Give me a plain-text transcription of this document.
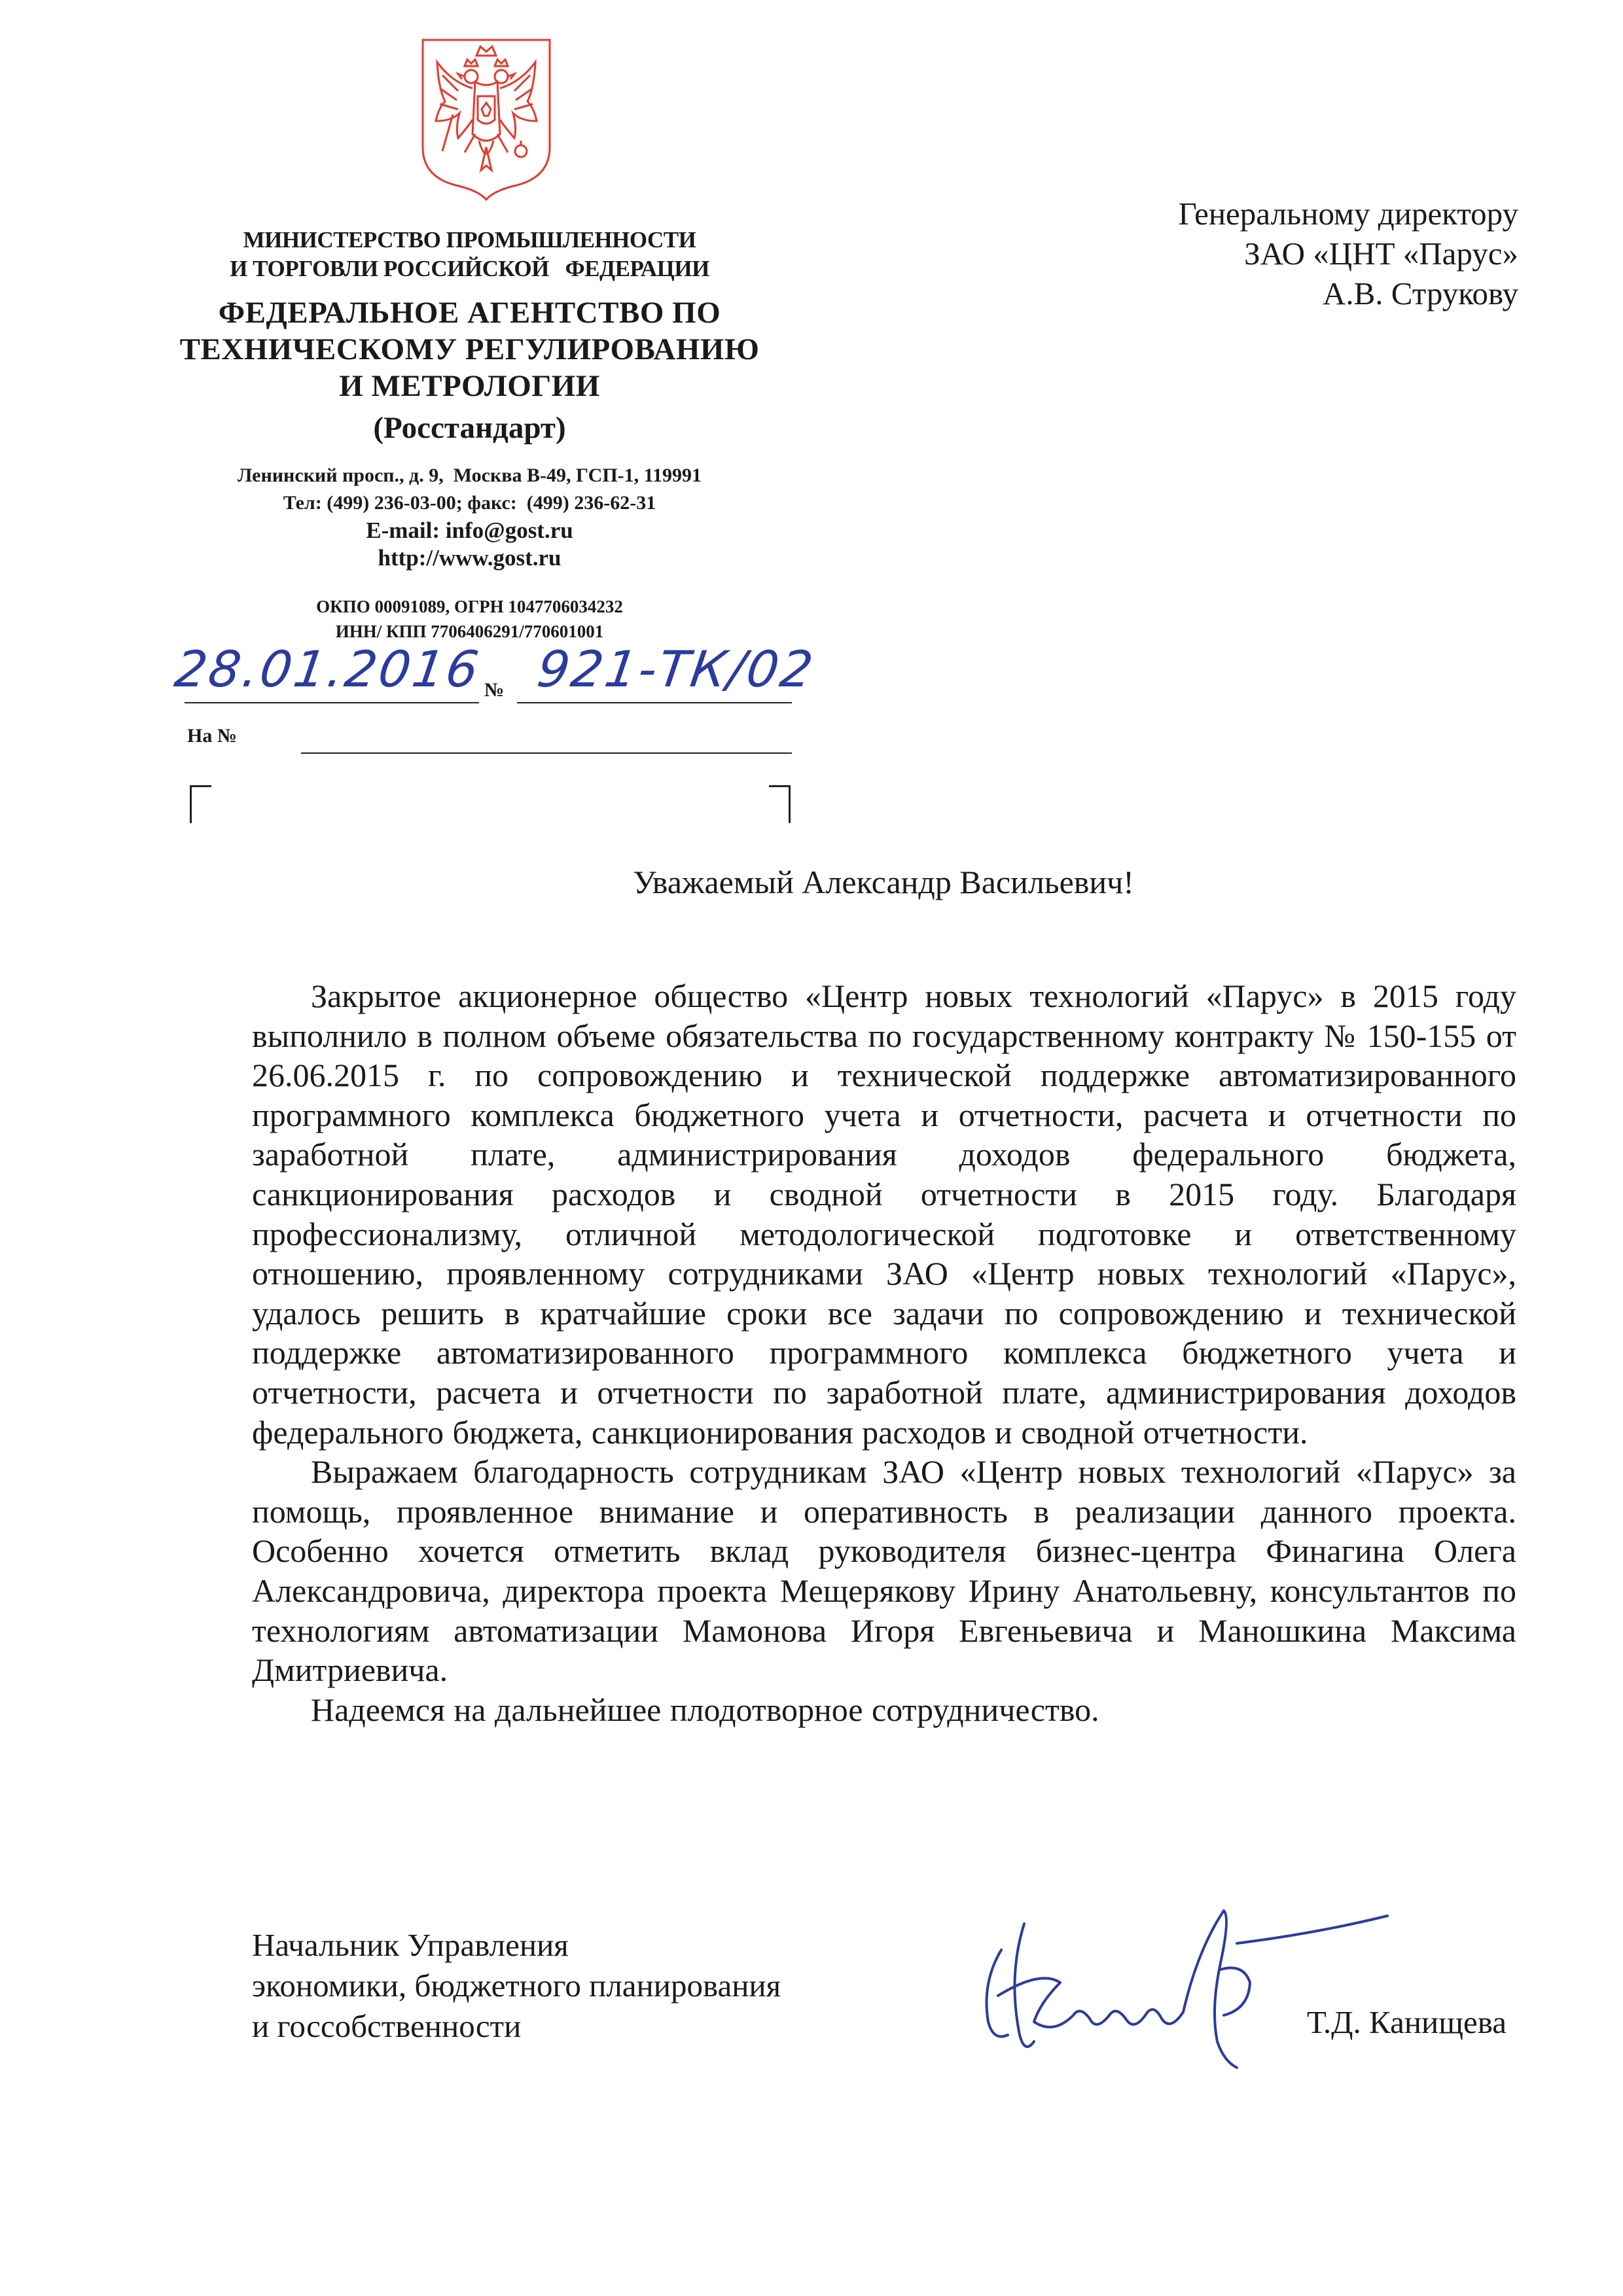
МИНИСТЕРСТВО ПРОМЫШЛЕННОСТИ
И ТОРГОВЛИ РОССИЙСКОЙ   ФЕДЕРАЦИИ
ФЕДЕРАЛЬНОЕ АГЕНТСТВО ПО
ТЕХНИЧЕСКОМУ РЕГУЛИРОВАНИЮ
И МЕТРОЛОГИИ
(Росстандарт)
Ленинский просп., д. 9,  Москва В-49, ГСП-1, 119991
Тел: (499) 236-03-00; факс:  (499) 236-62-31
E-mail: info@gost.ru
http://www.gost.ru
ОКПО 00091089, ОГРН 1047706034232
ИНН/ КПП 7706406291/770601001
28.01.2016 № 921-ТК/02
На №
Генеральному директору
ЗАО «ЦНТ «Парус»
А.В. Струкову
Уважаемый Александр Васильевич!

Закрытое акционерное общество «Центр новых технологий «Парус» в 2015 году выполнило в полном объеме обязательства по государственному контракту № 150-155 от 26.06.2015 г. по сопровождению и технической поддержке автоматизированного программного комплекса бюджетного учета и отчетности, расчета и отчетности по заработной плате, администрирования доходов федерального бюджета, санкционирования расходов и сводной отчетности в 2015 году. Благодаря профессионализму, отличной методологической подготовке и ответственному отношению, проявленному сотрудниками ЗАО «Центр новых технологий «Парус», удалось решить в кратчайшие сроки все задачи по сопровождению и технической поддержке автоматизированного программного комплекса бюджетного учета и отчетности, расчета и отчетности по заработной плате, администрирования доходов федерального бюджета, санкционирования расходов и сводной отчетности.

Выражаем благодарность сотрудникам ЗАО «Центр новых технологий «Парус» за помощь, проявленное внимание и оперативность в реализации данного проекта. Особенно хочется отметить вклад руководителя бизнес-центра Финагина Олега Александровича, директора проекта Мещерякову Ирину Анатольевну, консультантов по технологиям автоматизации Мамонова Игоря Евгеньевича и Маношкина Максима Дмитриевича.

Надеемся на дальнейшее плодотворное сотрудничество.

Начальник Управления
экономики, бюджетного планирования
и госсобственности	Т.Д. Канищева
